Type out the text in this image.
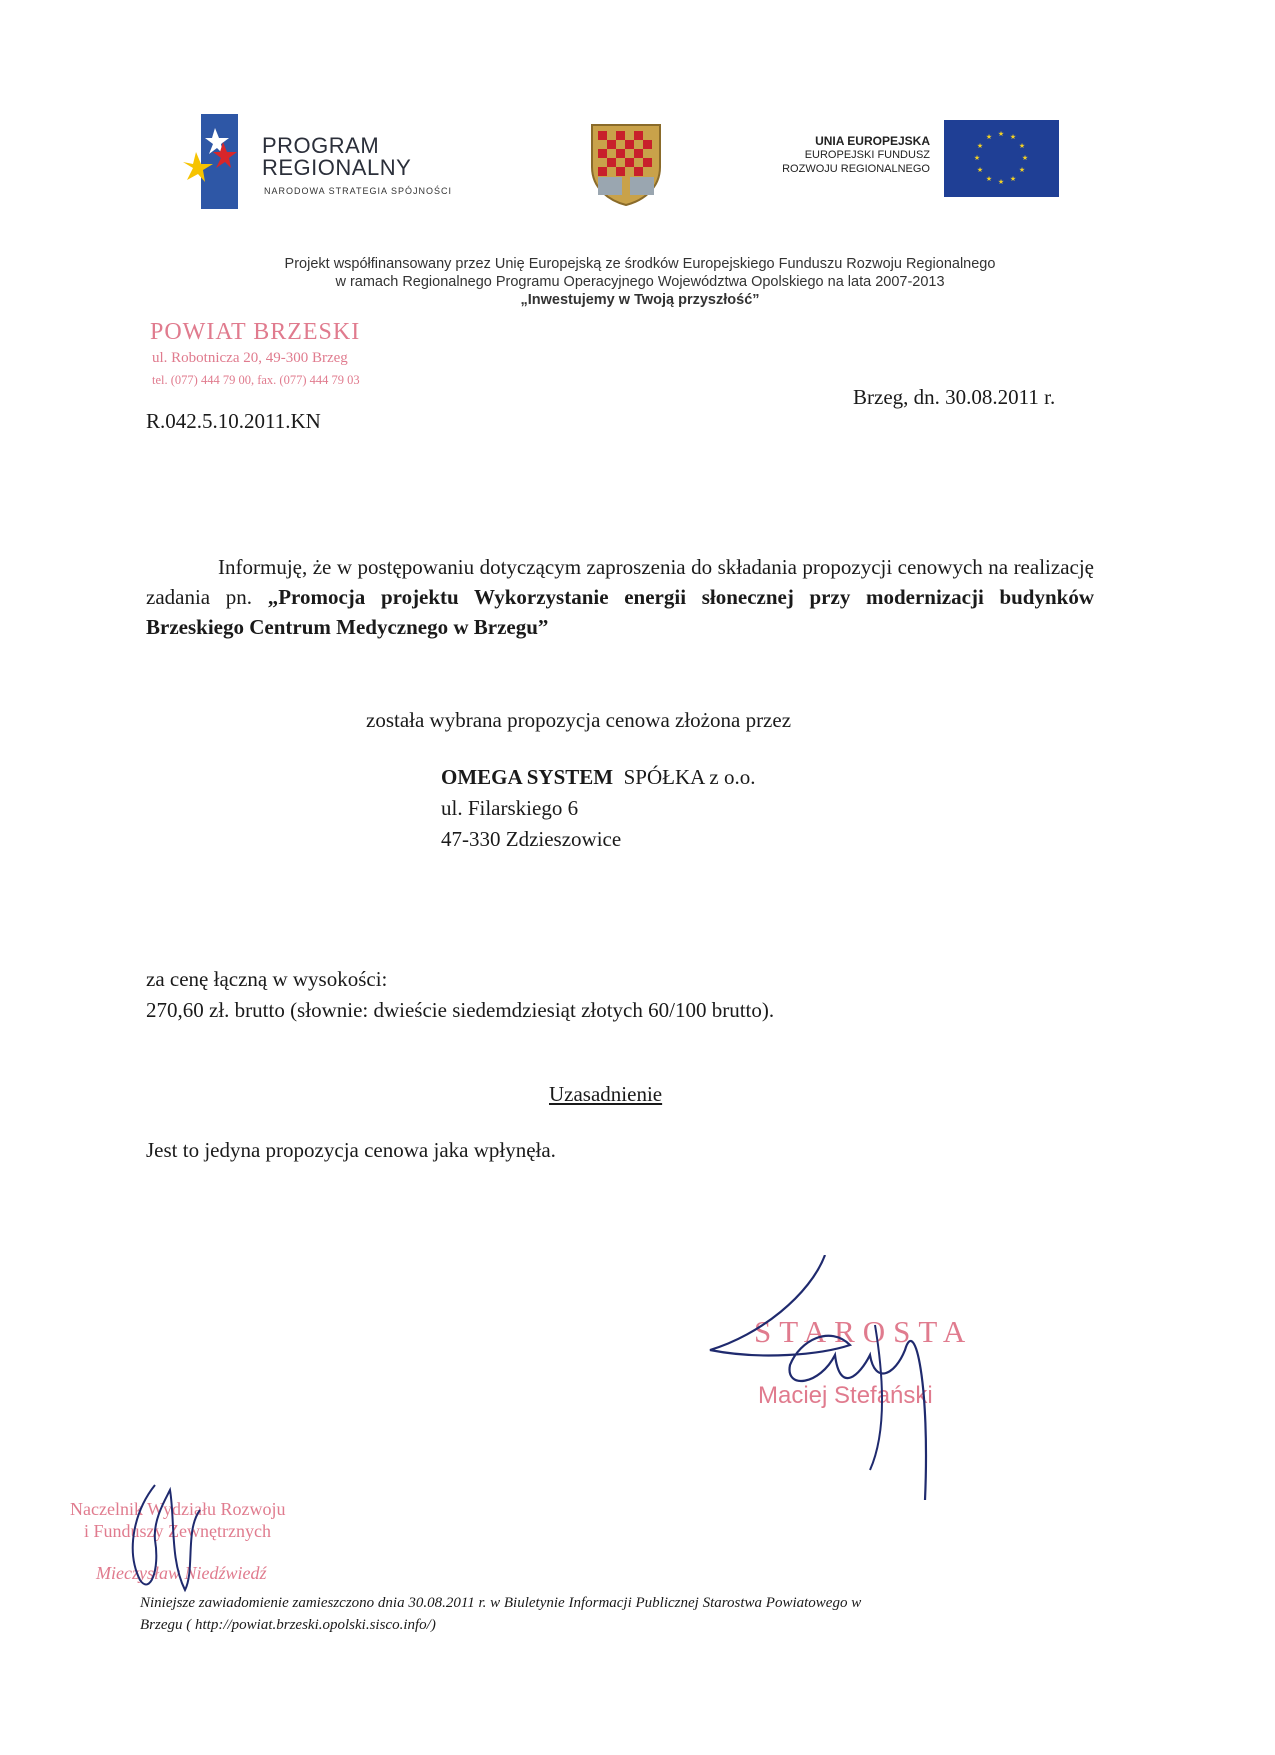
PROGRAM
REGIONALNY
NARODOWA STRATEGIA SPÓJNOŚCI
UNIA EUROPEJSKA
EUROPEJSKI FUNDUSZ
ROZWOJU REGIONALNEGO
★ ★
★
★
★
★
★
★
★
★
★
★
Projekt współfinansowany przez Unię Europejską ze środków Europejskiego Funduszu Rozwoju Regionalnego
w ramach Regionalnego Programu Operacyjnego Województwa Opolskiego na lata 2007-2013
„Inwestujemy w Twoją przyszłość”
POWIAT BRZESKI
ul. Robotnicza 20, 49-300 Brzeg
tel. (077) 444 79 00, fax. (077) 444 79 03
R.042.5.10.2011.KN
Brzeg, dn. 30.08.2011 r.
Informuję, że w postępowaniu dotyczącym zaproszenia do składania propozycji cenowych na realizację zadania pn. „Promocja projektu Wykorzystanie energii słonecznej przy modernizacji budynków Brzeskiego Centrum Medycznego w Brzegu”
została wybrana propozycja cenowa złożona przez
OMEGA SYSTEM SPÓŁKA z o.o.
ul. Filarskiego 6
47-330 Zdzieszowice
za cenę łączną w wysokości:
270,60 zł. brutto (słownie: dwieście siedemdziesiąt złotych 60/100 brutto).
Uzasadnienie
Jest to jedyna propozycja cenowa jaka wpłynęła.
STAROSTA
Maciej Stefański
Naczelnik Wydziału Rozwoju
i Funduszy Zewnętrznych
Mieczysław Niedźwiedź
Niniejsze zawiadomienie zamieszczono dnia 30.08.2011 r. w Biuletynie Informacji Publicznej Starostwa Powiatowego w
Brzegu ( http://powiat.brzeski.opolski.sisco.info/)
